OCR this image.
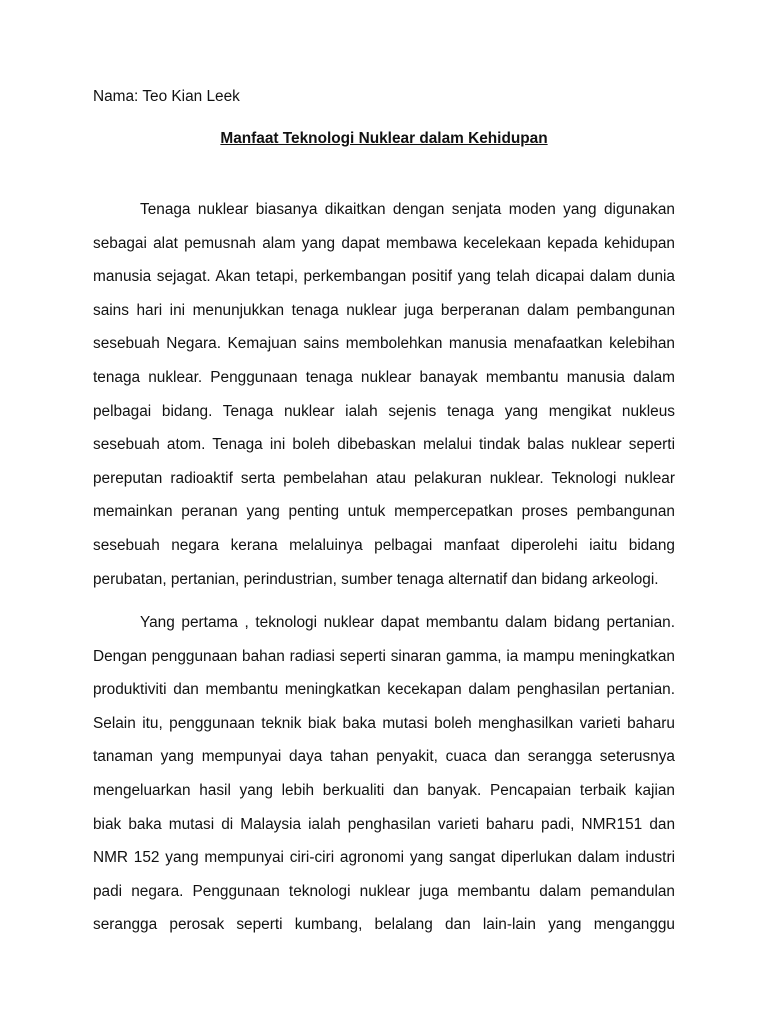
Nama: Teo Kian Leek
Manfaat Teknologi Nuklear dalam Kehidupan
Tenaga nuklear biasanya dikaitkan dengan senjata moden yang digunakan
sebagai alat pemusnah alam yang dapat membawa kecelekaan kepada kehidupan
manusia sejagat. Akan tetapi, perkembangan positif yang telah dicapai dalam dunia
sains hari ini menunjukkan tenaga nuklear juga berperanan dalam pembangunan
sesebuah Negara. Kemajuan sains membolehkan manusia menafaatkan kelebihan
tenaga nuklear. Penggunaan tenaga nuklear banayak membantu manusia dalam
pelbagai bidang. Tenaga nuklear ialah sejenis tenaga yang mengikat nukleus
sesebuah atom. Tenaga ini boleh dibebaskan melalui tindak balas nuklear seperti
pereputan radioaktif serta pembelahan atau pelakuran nuklear. Teknologi nuklear
memainkan peranan yang penting untuk mempercepatkan proses pembangunan
sesebuah negara kerana melaluinya pelbagai manfaat diperolehi iaitu bidang
perubatan, pertanian, perindustrian, sumber tenaga alternatif dan bidang arkeologi.
Yang pertama , teknologi nuklear dapat membantu dalam bidang pertanian.
Dengan penggunaan bahan radiasi seperti sinaran gamma, ia mampu meningkatkan
produktiviti dan membantu meningkatkan kecekapan dalam penghasilan pertanian.
Selain itu, penggunaan teknik biak baka mutasi boleh menghasilkan varieti baharu
tanaman yang mempunyai daya tahan penyakit, cuaca dan serangga seterusnya
mengeluarkan hasil yang lebih berkualiti dan banyak. Pencapaian terbaik kajian
biak baka mutasi di Malaysia ialah penghasilan varieti baharu padi, NMR151 dan
NMR 152 yang mempunyai ciri-ciri agronomi yang sangat diperlukan dalam industri
padi negara. Penggunaan teknologi nuklear juga membantu dalam pemandulan
serangga perosak seperti kumbang, belalang dan lain-lain yang menganggu
